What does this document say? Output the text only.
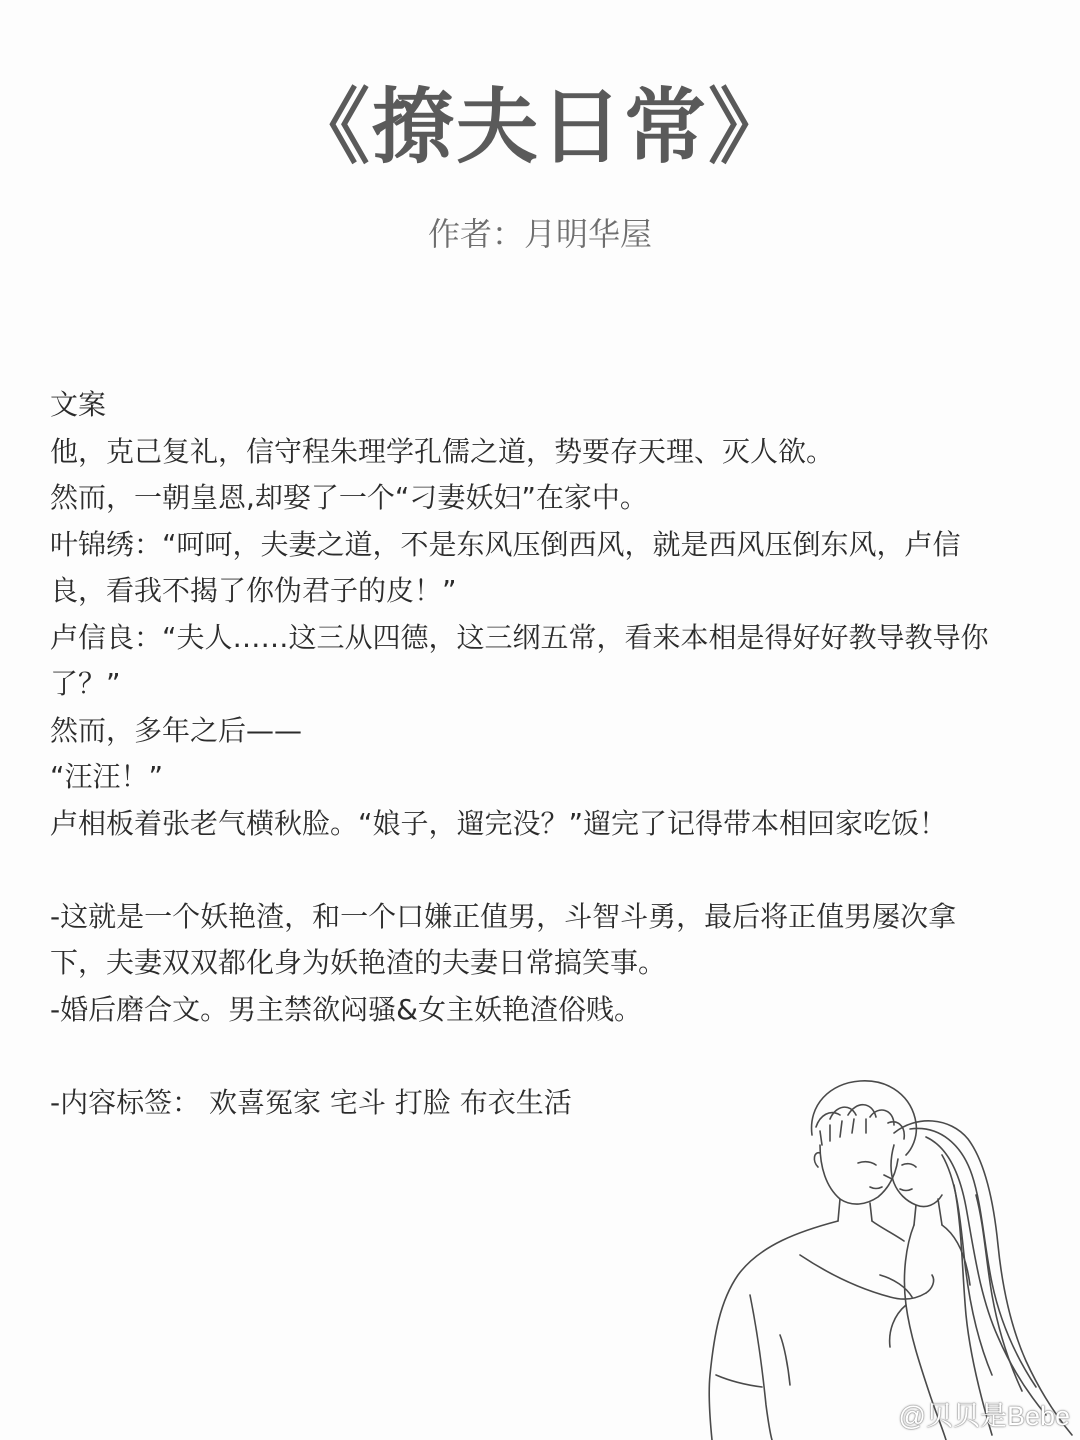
《撩夫日常》
作者：月明华屋
文案
他，克己复礼，信守程朱理学孔儒之道，势要存天理、灭人欲。
然而，一朝皇恩,却娶了一个“刁妻妖妇”在家中。
叶锦绣：“呵呵，夫妻之道，不是东风压倒西风，就是西风压倒东风，卢信
良，看我不揭了你伪君子的皮！”
卢信良：“夫人……这三从四德，这三纲五常，看来本相是得好好教导教导你
了？”
然而，多年之后——
“汪汪！”
卢相板着张老气横秋脸。“娘子，遛完没？”遛完了记得带本相回家吃饭！
-这就是一个妖艳渣，和一个口嫌正值男，斗智斗勇，最后将正值男屡次拿
下，夫妻双双都化身为妖艳渣的夫妻日常搞笑事。
-婚后磨合文。男主禁欲闷骚&女主妖艳渣俗贱。
-内容标签： 欢喜冤家 宅斗 打脸 布衣生活
@贝贝是Bebe
